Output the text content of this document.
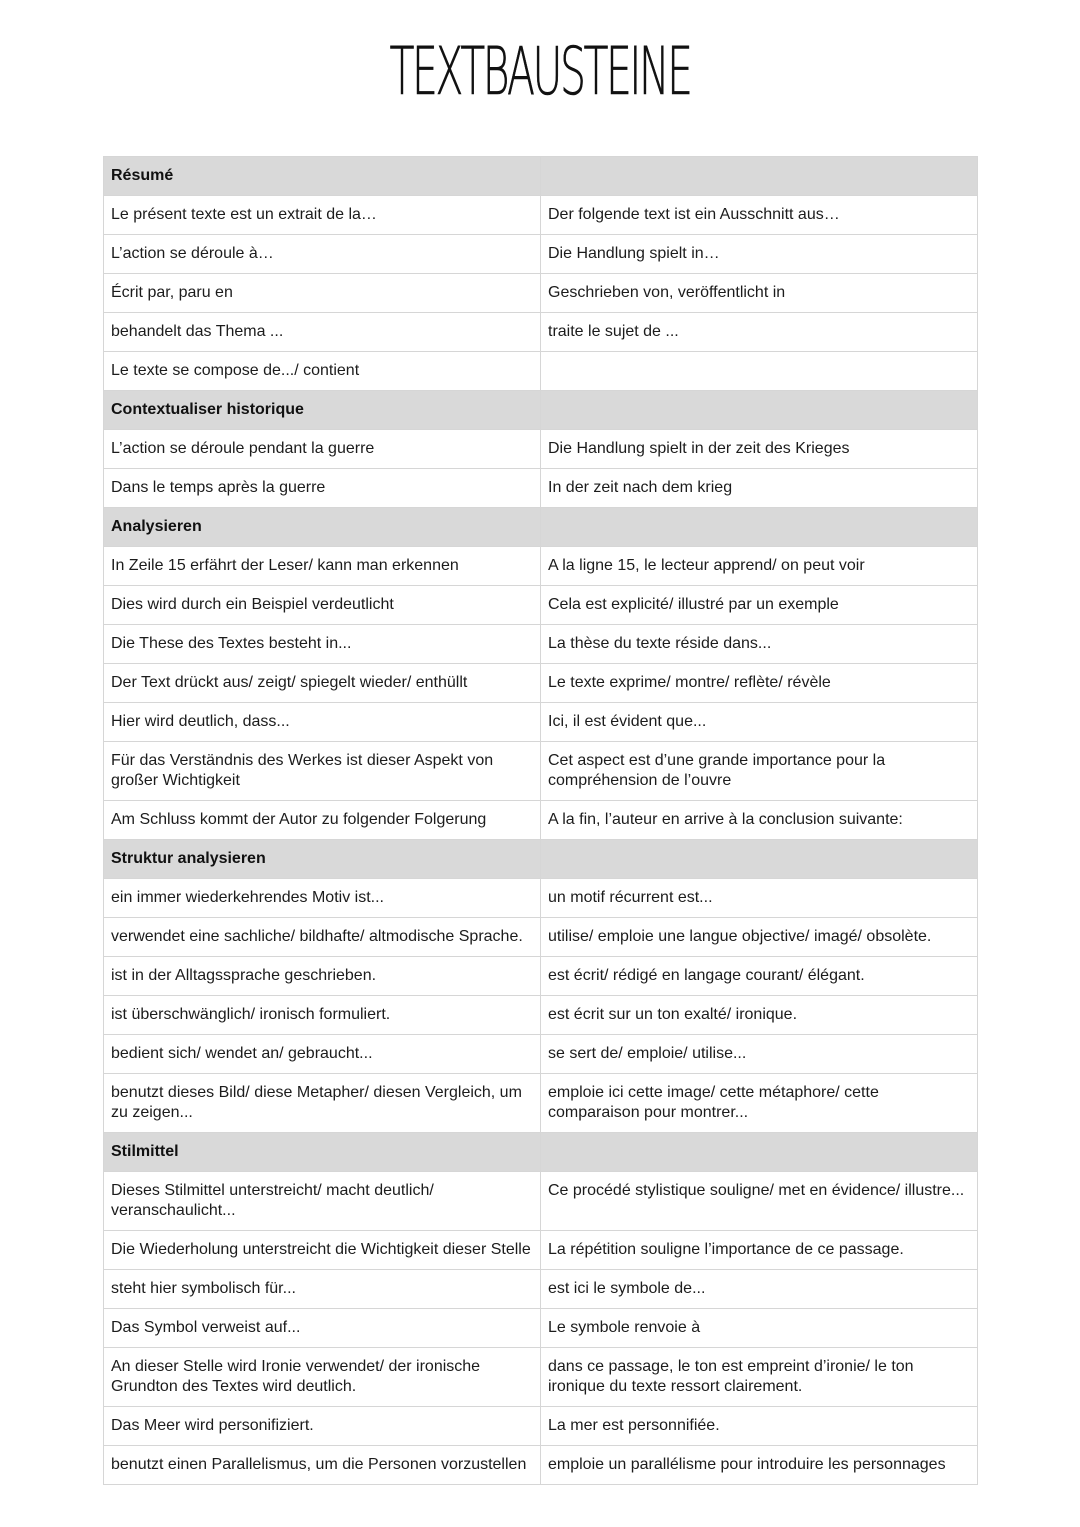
TEXTBAUSTEINE
Résumé	
Le présent texte est un extrait de la…	Der folgende text ist ein Ausschnitt aus…
L’action se déroule à…	Die Handlung spielt in…
Écrit par, paru en	Geschrieben von, veröffentlicht in
behandelt das Thema ...	traite le sujet de ...
Le texte se compose de.../ contient	
Contextualiser historique	
L’action se déroule pendant la guerre	Die Handlung spielt in der zeit des Krieges
Dans le temps après la guerre	In der zeit nach dem krieg
Analysieren	
In Zeile 15 erfährt der Leser/ kann man erkennen	A la ligne 15, le lecteur apprend/ on peut voir
Dies wird durch ein Beispiel verdeutlicht	Cela est explicité/ illustré par un exemple
Die These des Textes besteht in...	La thèse du texte réside dans...
Der Text drückt aus/ zeigt/ spiegelt wieder/ enthüllt	Le texte exprime/ montre/ reflète/ révèle
Hier wird deutlich, dass...	Ici, il est évident que...
Für das Verständnis des Werkes ist dieser Aspekt von großer Wichtigkeit	Cet aspect est d’une grande importance pour la compréhension de l’ouvre
Am Schluss kommt der Autor zu folgender Folgerung	A la fin, l’auteur en arrive à la conclusion suivante:
Struktur analysieren	
ein immer wiederkehrendes Motiv ist...	un motif récurrent est...
verwendet eine sachliche/ bildhafte/ altmodische Sprache.	utilise/ emploie une langue objective/ imagé/ obsolète.
ist in der Alltagssprache geschrieben.	est écrit/ rédigé en langage courant/ élégant.
ist überschwänglich/ ironisch formuliert.	est écrit sur un ton exalté/ ironique.
bedient sich/ wendet an/ gebraucht...	se sert de/ emploie/ utilise...
benutzt dieses Bild/ diese Metapher/ diesen Vergleich, um zu zeigen...	emploie ici cette image/ cette métaphore/ cette comparaison pour montrer...
Stilmittel	
Dieses Stilmittel unterstreicht/ macht deutlich/ veranschaulicht...	Ce procédé stylistique souligne/ met en évidence/ illustre...
Die Wiederholung unterstreicht die Wichtigkeit dieser Stelle	La répétition souligne l’importance de ce passage.
steht hier symbolisch für...	est ici le symbole de...
Das Symbol verweist auf...	Le symbole renvoie à
An dieser Stelle wird Ironie verwendet/ der ironische Grundton des Textes wird deutlich.	dans ce passage, le ton est empreint d’ironie/ le ton ironique du texte ressort clairement.
Das Meer wird personifiziert.	La mer est personnifiée.
benutzt einen Parallelismus, um die Personen vorzustellen	emploie un parallélisme pour introduire les personnages
